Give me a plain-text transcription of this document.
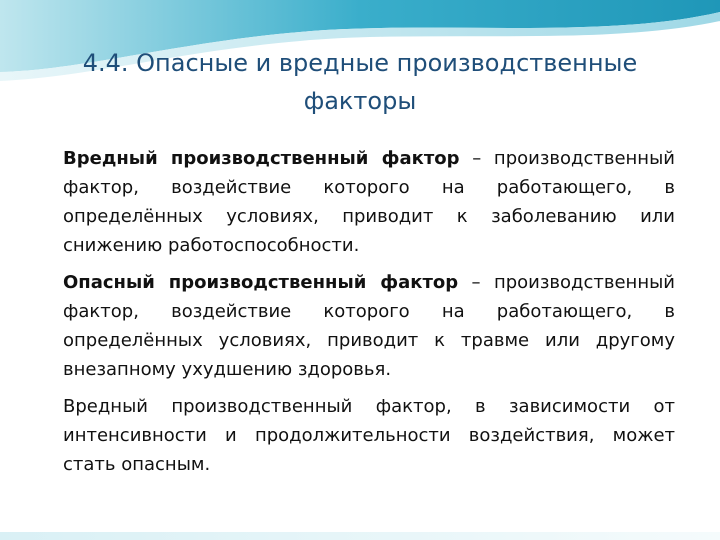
4.4. Опасные и вредные производственные факторы

Вредный производственный фактор – производственный фактор, воздействие которого на работающего, в определённых условиях, приводит к заболеванию или снижению работоспособности.

Опасный производственный фактор – производственный фактор, воздействие которого на работающего, в определённых условиях, приводит к травме или другому внезапному ухудшению здоровья.

Вредный производственный фактор, в зависимости от интенсивности и продолжительности воздействия, может стать опасным.
